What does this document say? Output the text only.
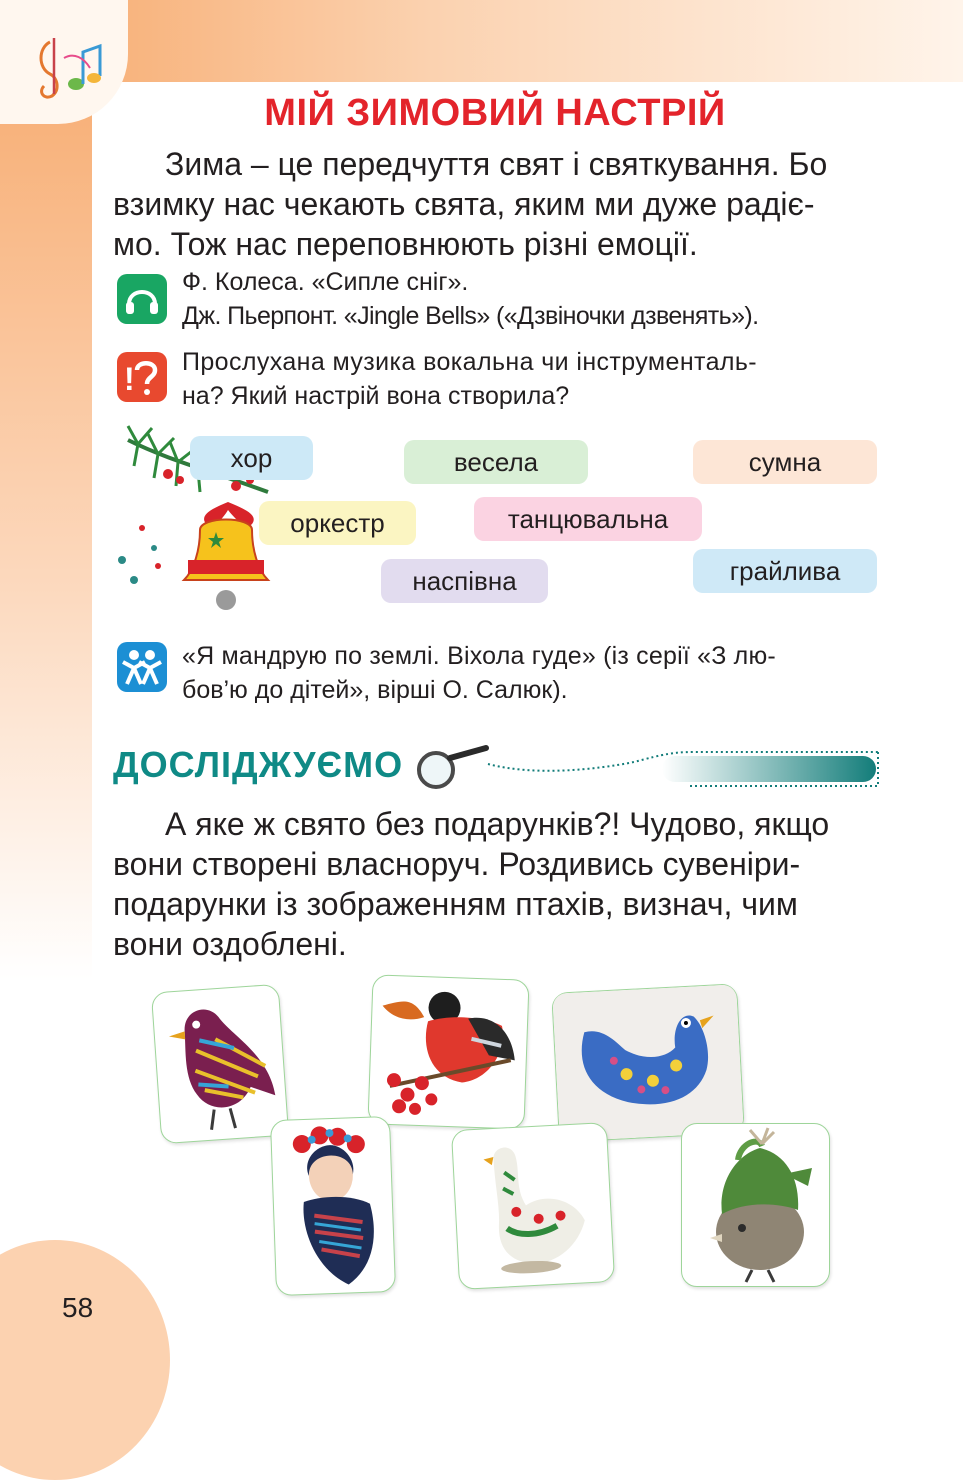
МІЙ ЗИМОВИЙ НАСТРІЙ
Зима – це передчуття свят і святкування. Бо
взимку нас чекають свята, яким ми дуже радіє-
мо. Тож нас переповнюють різні емоції.
Ф. Колеса. «Сипле сніг».
Дж. Пьерпонт. «Jingle Bells» («Дзвіночки дзвенять»).
! Прослухана музика вокальна чи інструменталь-
на? Який настрій вона створила?
хор	весела	сумна
оркестр	танцювальна
наспівна	грайлива
«Я мандрую по землі. Віхола гуде» (із серії «З лю-
бов’ю до дітей», вірші О. Салюк).
ДОСЛІДЖУЄМО
А яке ж свято без подарунків?! Чудово, якщо
вони створені власноруч. Роздивись сувеніри-
подарунки із зображенням птахів, визнач, чим
вони оздоблені.
58
